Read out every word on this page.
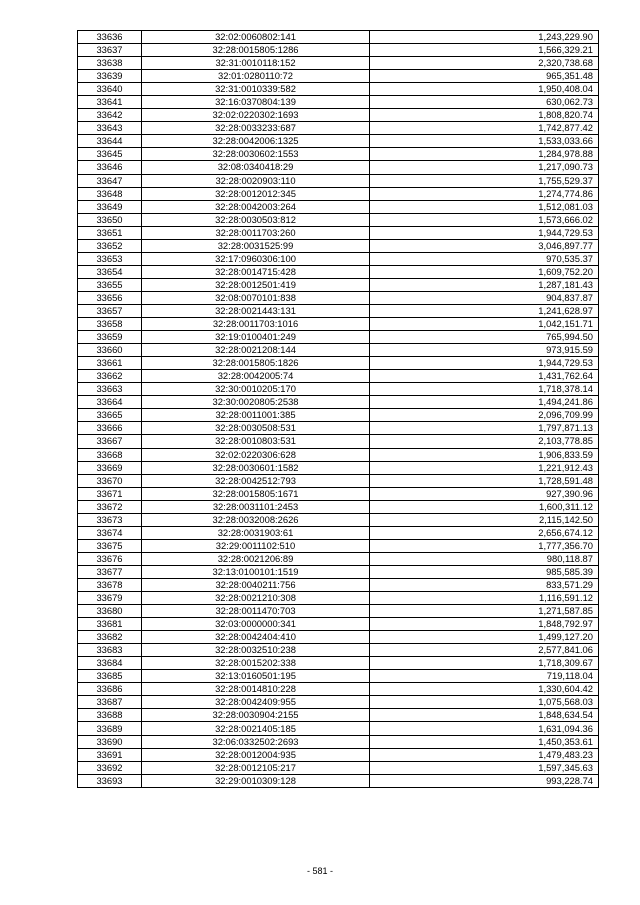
33636	32:02:0060802:141	1,243,229.90
33637	32:28:0015805:1286	1,566,329.21
33638	32:31:0010118:152	2,320,738.68
33639	32:01:0280110:72	965,351.48
33640	32:31:0010339:582	1,950,408.04
33641	32:16:0370804:139	630,062.73
33642	32:02:0220302:1693	1,808,820.74
33643	32:28:0033233:687	1,742,877.42
33644	32:28:0042006:1325	1,533,033.66
33645	32:28:0030602:1553	1,284,978.88
33646	32:08:0340418:29	1,217,090.73
33647	32:28:0020903:110	1,755,529.37
33648	32:28:0012012:345	1,274,774.86
33649	32:28:0042003:264	1,512,081.03
33650	32:28:0030503:812	1,573,666.02
33651	32:28:0011703:260	1,944,729.53
33652	32:28:0031525:99	3,046,897.77
33653	32:17:0960306:100	970,535.37
33654	32:28:0014715:428	1,609,752.20
33655	32:28:0012501:419	1,287,181.43
33656	32:08:0070101:838	904,837.87
33657	32:28:0021443:131	1,241,628.97
33658	32:28:0011703:1016	1,042,151.71
33659	32:19:0100401:249	765,994.50
33660	32:28:0021208:144	973,915.59
33661	32:28:0015805:1826	1,944,729.53
33662	32:28:0042005:74	1,431,762.64
33663	32:30:0010205:170	1,718,378.14
33664	32:30:0020805:2538	1,494,241.86
33665	32:28:0011001:385	2,096,709.99
33666	32:28:0030508:531	1,797,871.13
33667	32:28:0010803:531	2,103,778.85
33668	32:02:0220306:628	1,906,833.59
33669	32:28:0030601:1582	1,221,912.43
33670	32:28:0042512:793	1,728,591.48
33671	32:28:0015805:1671	927,390.96
33672	32:28:0031101:2453	1,600,311.12
33673	32:28:0032008:2626	2,115,142.50
33674	32:28:0031903:61	2,656,674.12
33675	32:29:0011102:510	1,777,356.70
33676	32:28:0021206:89	980,118.87
33677	32:13:0100101:1519	985,585.39
33678	32:28:0040211:756	833,571.29
33679	32:28:0021210:308	1,116,591.12
33680	32:28:0011470:703	1,271,587.85
33681	32:03:0000000:341	1,848,792.97
33682	32:28:0042404:410	1,499,127.20
33683	32:28:0032510:238	2,577,841.06
33684	32:28:0015202:338	1,718,309.67
33685	32:13:0160501:195	719,118.04
33686	32:28:0014810:228	1,330,604.42
33687	32:28:0042409:955	1,075,568.03
33688	32:28:0030904:2155	1,848,634.54
33689	32:28:0021405:185	1,631,094.36
33690	32:06:0332502:2693	1,450,353.61
33691	32:28:0012004:935	1,479,483.23
33692	32:28:0012105:217	1,597,345.63
33693	32:29:0010309:128	993,228.74
- 581 -
